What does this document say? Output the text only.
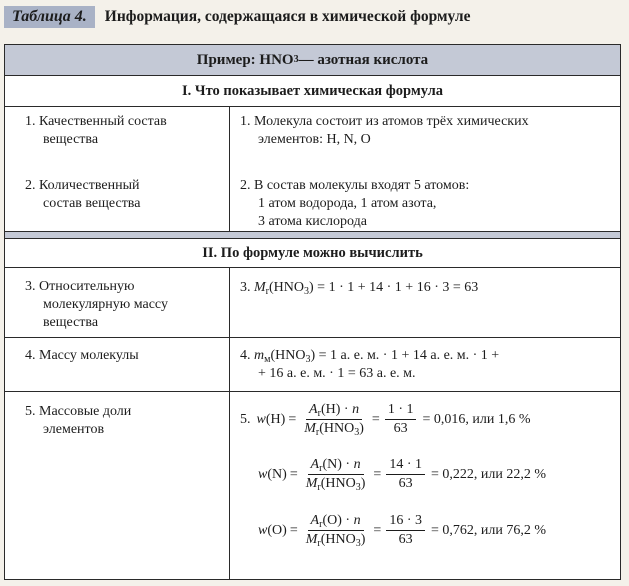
Таблица 4.	Информация, содержащаяся в химической формуле
Пример: HNO 3 — азотная кислота
I. Что показывает химическая формула
1. Качественный состав
вещества
1. Молекула состоит из атомов трёх химических
элементов: H, N, O
2. Количественный
состав вещества
2. В состав молекулы входят 5 атомов:
1 атом водорода, 1 атом азота,
3 атома кислорода
II. По формуле можно вычислить
3. Относительную
молекулярную массу
вещества
3. $M_r(HNO_3) = 1 \cdot 1 + 14 \cdot 1 + 16 \cdot 3 = 63$
4. Массу молекулы	4. $m_м(HNO_3) = 1$ а. е. м. · 1 + 14 а. е. м. · 1 +
+ 16 а. е. м. · 1 = 63 а. е. м.
5. Массовые доли
элементов
5. w ( H ) = $\frac{A_r(H) \cdot n}{M_r(HNO_3)} = \frac{1 \cdot 1}{63} = 0,016$, или 1,6 %
w ( N ) = $\frac{A_r(N) \cdot n}{M_r(HNO_3)} = \frac{14 \cdot 1}{63} = 0,222$, или 22,2 %
w ( O ) = $\frac{A_r(O) \cdot n}{M_r(HNO_3)} = \frac{16 \cdot 3}{63} = 0,762$, или 76,2 %
